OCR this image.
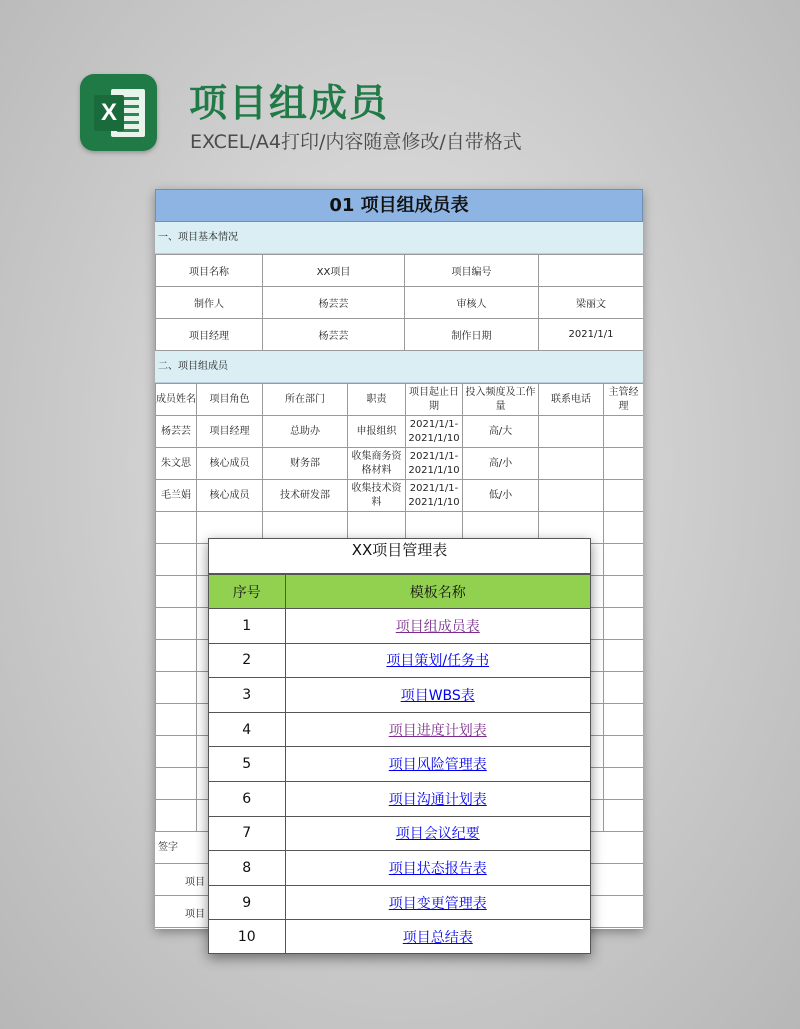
X 项目组成员
EXCEL/A4打印/内容随意修改/自带格式
01 项目组成员表
一、项目基本情况
项目名称	XX项目	项目编号	
制作人	杨芸芸	审核人	梁丽文
项目经理	杨芸芸	制作日期	2021/1/1
二、项目组成员
成员姓名	项目角色	所在部门	职责	项目起止日期	投入频度及工作量	联系电话	主管经理
杨芸芸	项目经理	总助办	申报组织	2021/1/1-2021/1/10	高/大		
朱文思	核心成员	财务部	收集商务资格材料	2021/1/1-2021/1/10	高/小		
毛兰娟	核心成员	技术研发部	收集技术资料	2021/1/1-2021/1/10	低/小		

签字
项目
项目
XX项目管理表
序号	模板名称
1	项目组成员表
2	项目策划/任务书
3	项目WBS表
4	项目进度计划表
5	项目风险管理表
6	项目沟通计划表
7	项目会议纪要
8	项目状态报告表
9	项目变更管理表
10	项目总结表
